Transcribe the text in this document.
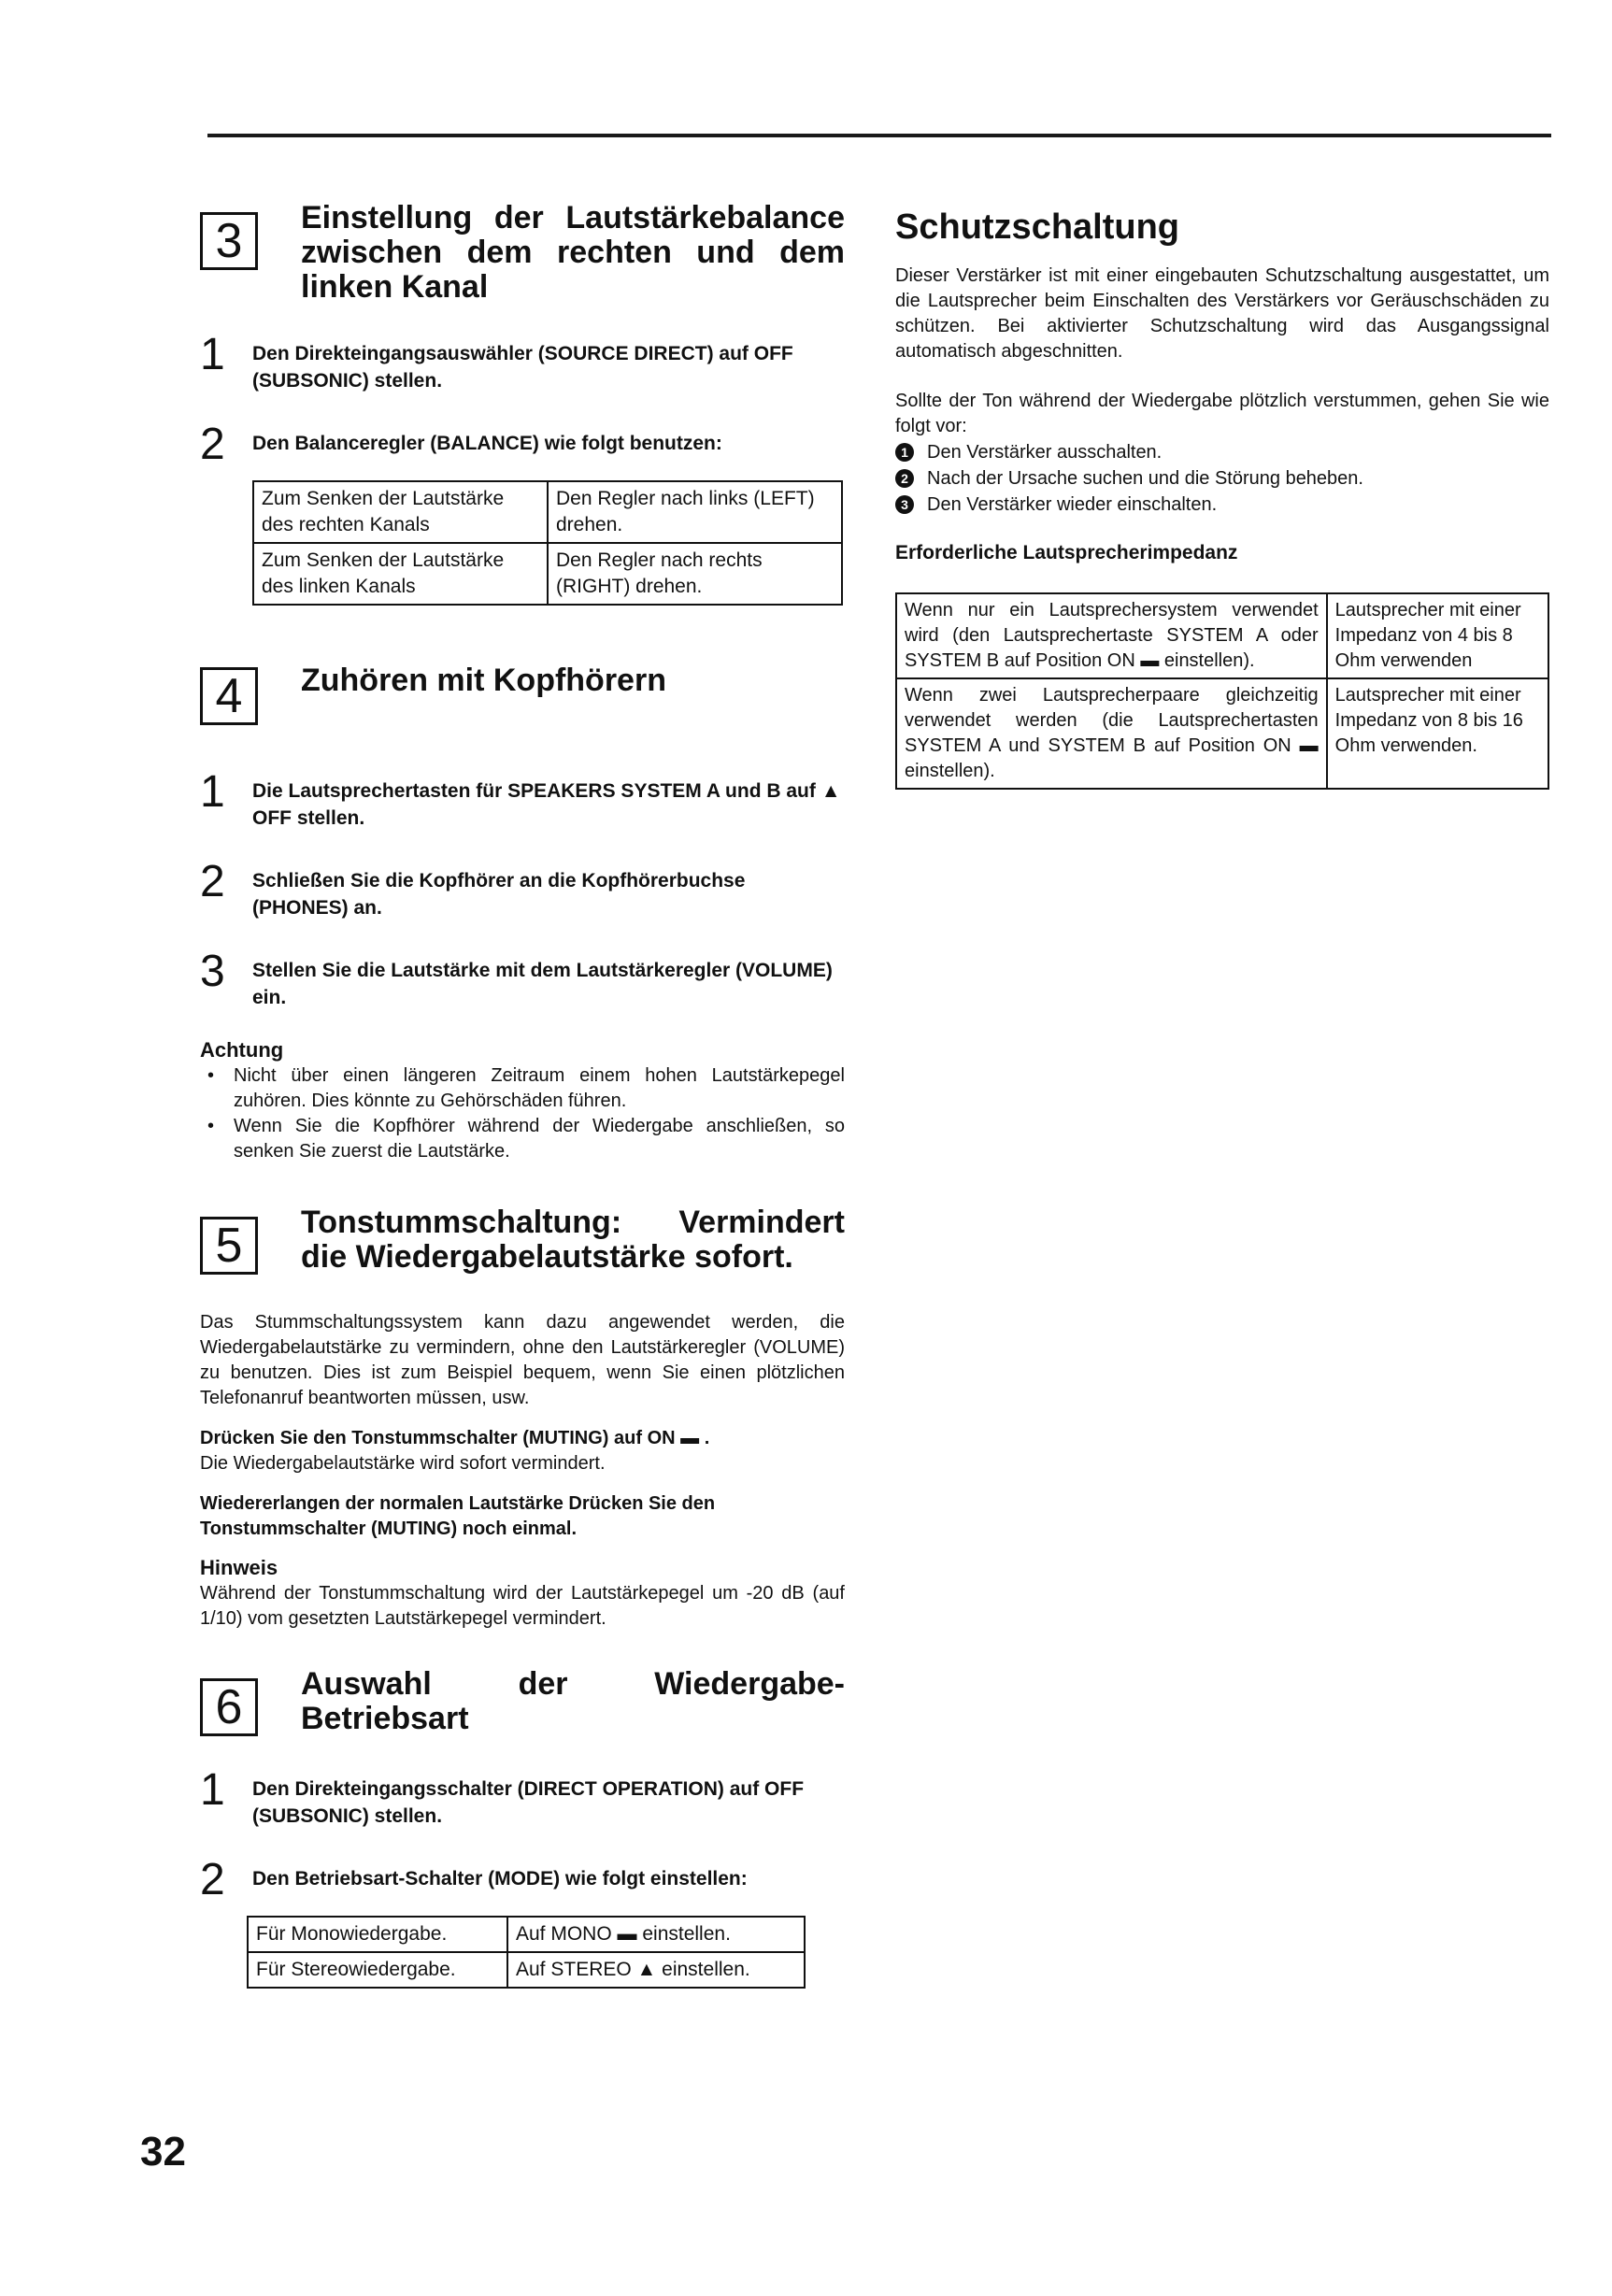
3	Einstellung der Lautstärkebalance zwischen dem rechten und dem linken Kanal
1 Den Direkteingangsauswähler (SOURCE DIRECT) auf OFF (SUBSONIC) stellen.
2 Den Balanceregler (BALANCE) wie folgt benutzen:
Zum Senken der Lautstärke des rechten Kanals	Den Regler nach links (LEFT) drehen.
Zum Senken der Lautstärke des linken Kanals	Den Regler nach rechts (RIGHT) drehen.
4	Zuhören mit Kopfhörern
1 Die Lautsprechertasten für SPEAKERS SYSTEM A und B auf ▲ OFF stellen.
2 Schließen Sie die Kopfhörer an die Kopfhörerbuchse (PHONES) an.
3 Stellen Sie die Lautstärke mit dem Lautstärkeregler (VOLUME) ein.
Achtung
• Nicht über einen längeren Zeitraum einem hohen Lautstärkepegel zuhören. Dies könnte zu Gehörschäden führen.
• Wenn Sie die Kopfhörer während der Wiedergabe anschließen, so senken Sie zuerst die Lautstärke.
5	Tonstummschaltung: Vermindert die Wiedergabelautstärke sofort.

Das Stummschaltungssystem kann dazu angewendet werden, die Wiedergabelautstärke zu vermindern, ohne den Lautstärkeregler (VOLUME) zu benutzen. Dies ist zum Beispiel bequem, wenn Sie einen plötzlichen Telefonanruf beantworten müssen, usw.

Drücken Sie den Tonstummschalter (MUTING) auf ON ▬ .

Die Wiedergabelautstärke wird sofort vermindert.

Wiedererlangen der normalen Lautstärke Drücken Sie den Tonstummschalter (MUTING) noch einmal.

Hinweis

Während der Tonstummschaltung wird der Lautstärkepegel um -20 dB (auf 1/10) vom gesetzten Lautstärkepegel vermindert.

6	Auswahl der Wiedergabe-Betriebsart
1 Den Direkteingangsschalter (DIRECT OPERATION) auf OFF (SUBSONIC) stellen.
2 Den Betriebsart-Schalter (MODE) wie folgt einstellen:
Für Monowiedergabe.	Auf MONO ▬ einstellen.
Für Stereowiedergabe.	Auf STEREO ▲ einstellen.
Schutzschaltung

Dieser Verstärker ist mit einer eingebauten Schutzschaltung ausgestattet, um die Lautsprecher beim Einschalten des Verstärkers vor Geräuschschäden zu schützen. Bei aktivierter Schutzschaltung wird das Ausgangssignal automatisch abgeschnitten.

Sollte der Ton während der Wiedergabe plötzlich verstummen, gehen Sie wie folgt vor:

1	Den Verstärker ausschalten.
2	Nach der Ursache suchen und die Störung beheben.
3	Den Verstärker wieder einschalten.
Erforderliche Lautsprecherimpedanz
Wenn nur ein Lautsprechersystem verwendet wird (den Lautsprechertaste SYSTEM A oder SYSTEM B auf Position ON ▬ einstellen).	Lautsprecher mit einer Impedanz von 4 bis 8 Ohm verwenden
Wenn zwei Lautsprecherpaare gleichzeitig verwendet werden (die Lautsprechertasten SYSTEM A und SYSTEM B auf Position ON ▬ einstellen).	Lautsprecher mit einer Impedanz von 8 bis 16 Ohm verwenden.
32
